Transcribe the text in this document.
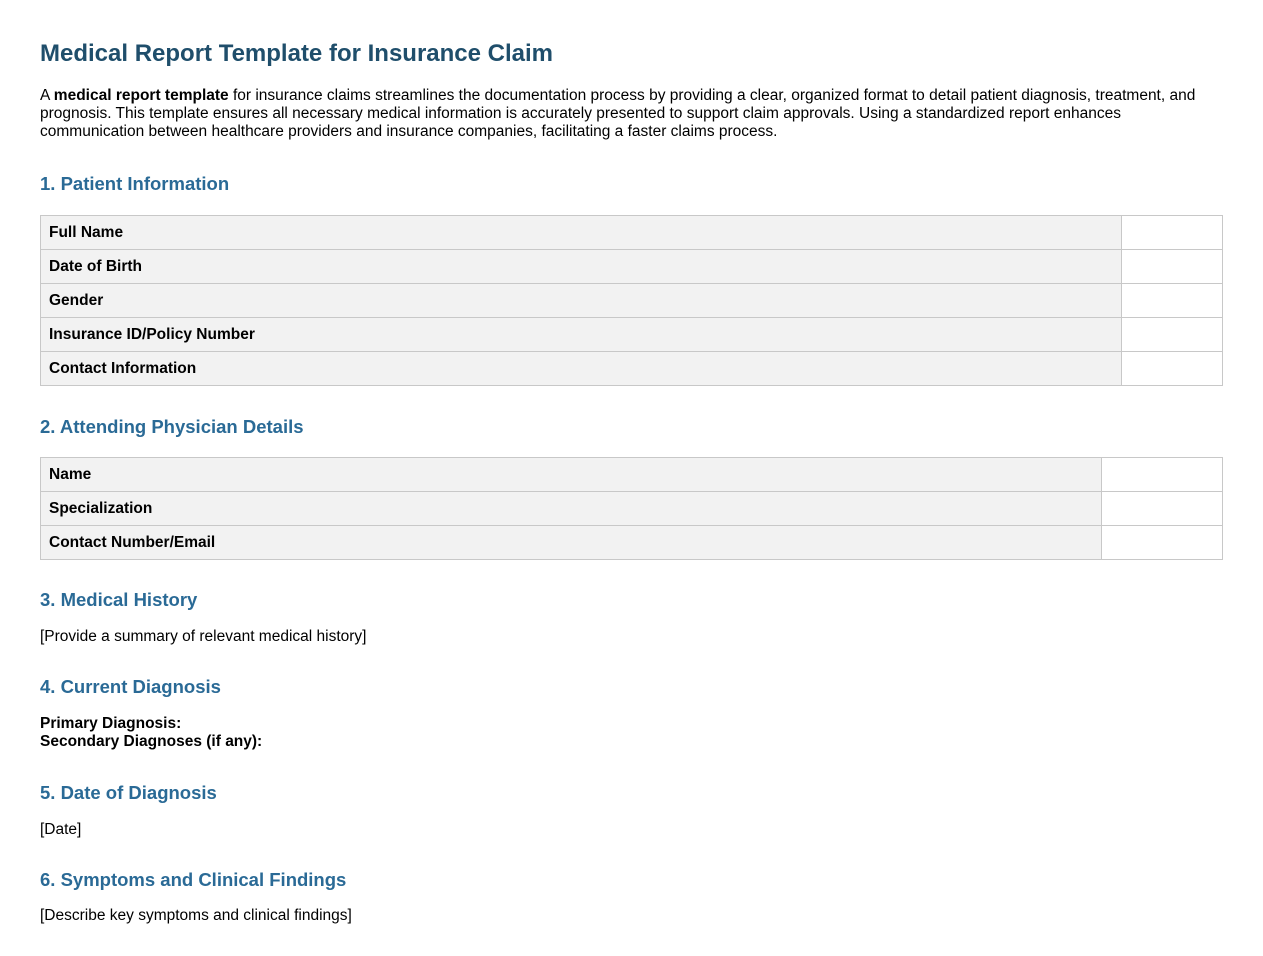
Medical Report Template for Insurance Claim
A medical report template for insurance claims streamlines the documentation process by providing a clear, organized format to detail patient diagnosis, treatment, and prognosis. This template ensures all necessary medical information is accurately presented to support claim approvals. Using a standardized report enhances communication between healthcare providers and insurance companies, facilitating a faster claims process.
1. Patient Information
Full Name	
Date of Birth	
Gender	
Insurance ID/Policy Number	
Contact Information	
2. Attending Physician Details
Name	
Specialization	
Contact Number/Email	
3. Medical History
[Provide a summary of relevant medical history]
4. Current Diagnosis
Primary Diagnosis:
Secondary Diagnoses (if any):
5. Date of Diagnosis
[Date]
6. Symptoms and Clinical Findings
[Describe key symptoms and clinical findings]
